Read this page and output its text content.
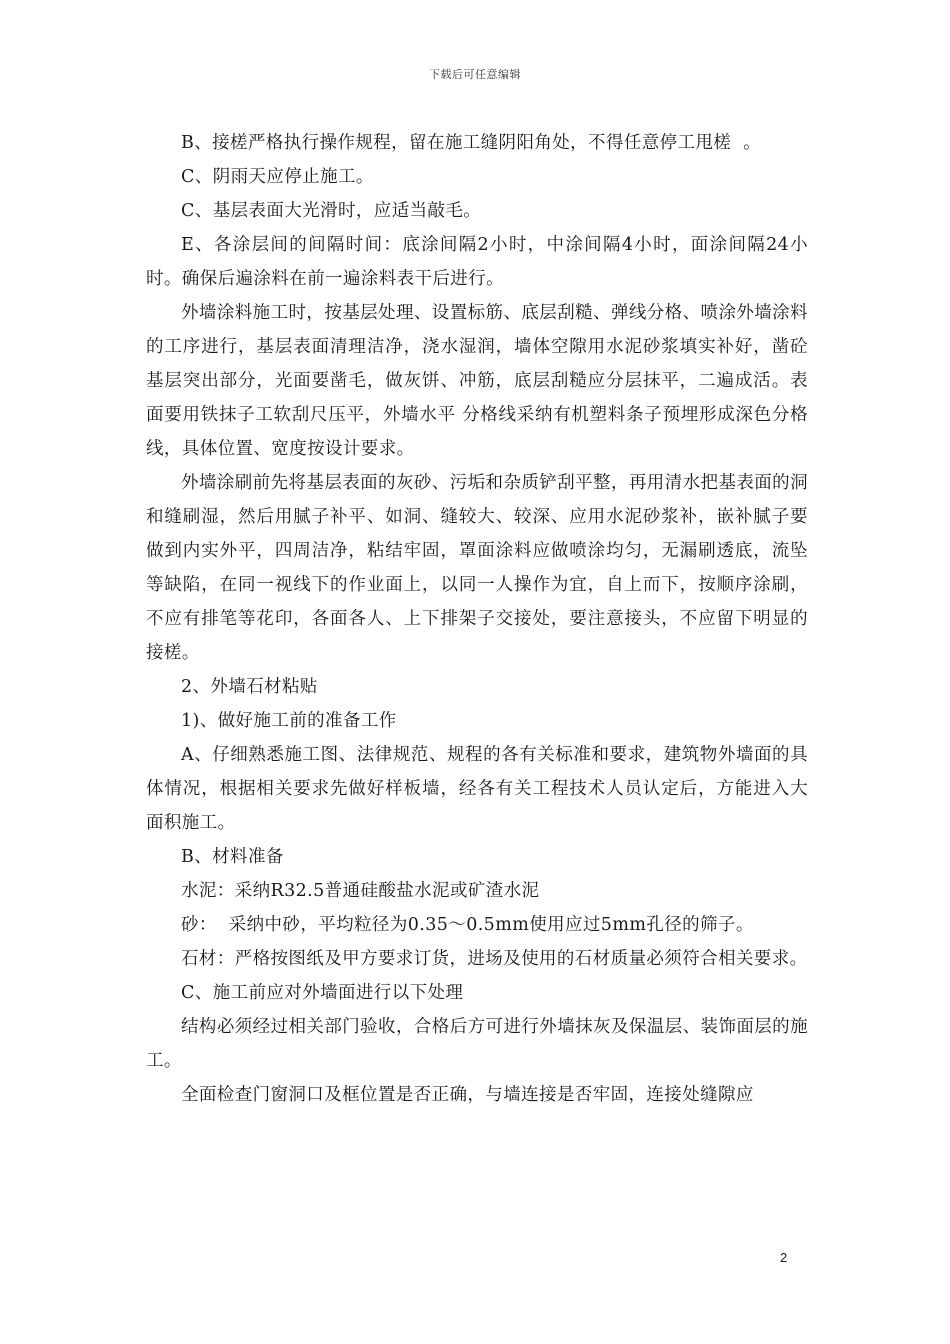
下载后可任意编辑

B、接槎严格执行操作规程，留在施工缝阴阳角处，不得任意停工甩槎  。

C、阴雨天应停止施工。

C、基层表面大光滑时，应适当敲毛。

E、各涂层间的间隔时间：底涂间隔2小时，中涂间隔4小时，面涂间隔24小时。确保后遍涂料在前一遍涂料表干后进行。

外墙涂料施工时，按基层处理、设置标筋、底层刮糙、弹线分格、喷涂外墙涂料的工序进行，基层表面清理洁净，浇水湿润，墙体空隙用水泥砂浆填实补好，凿砼基层突出部分，光面要凿毛，做灰饼、冲筋，底层刮糙应分层抹平，二遍成活。表面要用铁抹子工软刮尺压平，外墙水平 分格线采纳有机塑料条子预埋形成深色分格线，具体位置、宽度按设计要求。

外墙涂刷前先将基层表面的灰砂、污垢和杂质铲刮平整，再用清水把基表面的洞和缝刷湿，然后用腻子补平、如洞、缝较大、较深、应用水泥砂浆补，嵌补腻子要做到内实外平，四周洁净，粘结牢固，罩面涂料应做喷涂均匀，无漏刷透底，流坠等缺陷，在同一视线下的作业面上，以同一人操作为宜，自上而下，按顺序涂刷，不应有排笔等花印，各面各人、上下排架子交接处，要注意接头，不应留下明显的接槎。

2、外墙石材粘贴

1)、做好施工前的准备工作

A、仔细熟悉施工图、法律规范、规程的各有关标准和要求，建筑物外墙面的具体情况，根据相关要求先做好样板墙，经各有关工程技术人员认定后，方能进入大面积施工。

B、材料准备

水泥：采纳R32.5普通硅酸盐水泥或矿渣水泥

砂：  采纳中砂，平均粒径为0.35～0.5mm使用应过5mm孔径的筛子。

石材：严格按图纸及甲方要求订货，进场及使用的石材质量必须符合相关要求。

C、施工前应对外墙面进行以下处理

结构必须经过相关部门验收，合格后方可进行外墙抹灰及保温层、装饰面层的施工。

全面检查门窗洞口及框位置是否正确，与墙连接是否牢固，连接处缝隙应

2
